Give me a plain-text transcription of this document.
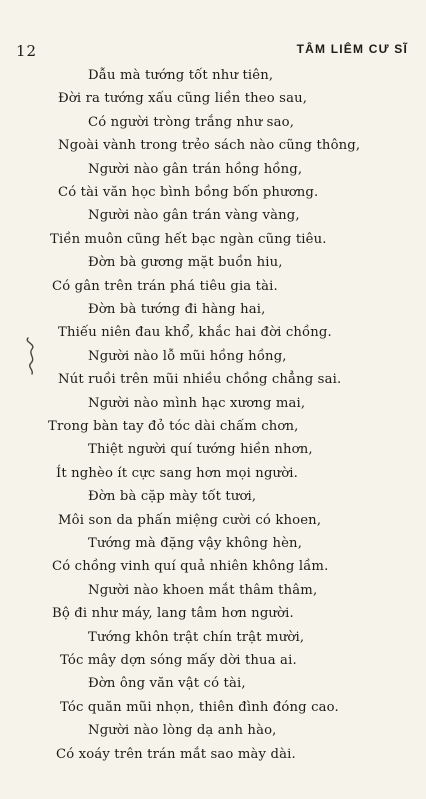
12	TÂM LIÊM CƯ SĨ
Dẫu mà tướng tốt như tiên,
Đời ra tướng xấu cũng liền theo sau,
Có người tròng trắng như sao,
Ngoài vành trong trẻo sách nào cũng thông,
Người nào gân trán hồng hồng,
Có tài văn học bình bồng bốn phương.
Người nào gân trán vàng vàng,
Tiền muôn cũng hết bạc ngàn cũng tiêu.
Đờn bà gương mặt buồn hiu,
Có gân trên trán phá tiêu gia tài.
Đờn bà tướng đi hàng hai,
Thiếu niên đau khổ, khắc hai đời chồng.
Người nào lỗ mũi hồng hồng,
Nút ruồi trên mũi nhiều chồng chẳng sai.
Người nào mình hạc xương mai,
Trong bàn tay đỏ tóc dài chấm chơn,
Thiệt người quí tướng hiền nhơn,
Ít nghèo ít cực sang hơn mọi người.
Đờn bà cặp mày tốt tươi,
Môi son da phấn miệng cười có khoen,
Tướng mà đặng vậy không hèn,
Có chồng vinh quí quả nhiên không lầm.
Người nào khoen mắt thâm thâm,
Bộ đi như máy, lang tâm hơn người.
Tướng khôn trật chín trật mười,
Tóc mây dợn sóng mấy dời thua ai.
Đờn ông văn vật có tài,
Tóc quăn mũi nhọn, thiên đình đóng cao.
Người nào lòng dạ anh hào,
Có xoáy trên trán mắt sao mày dài.
